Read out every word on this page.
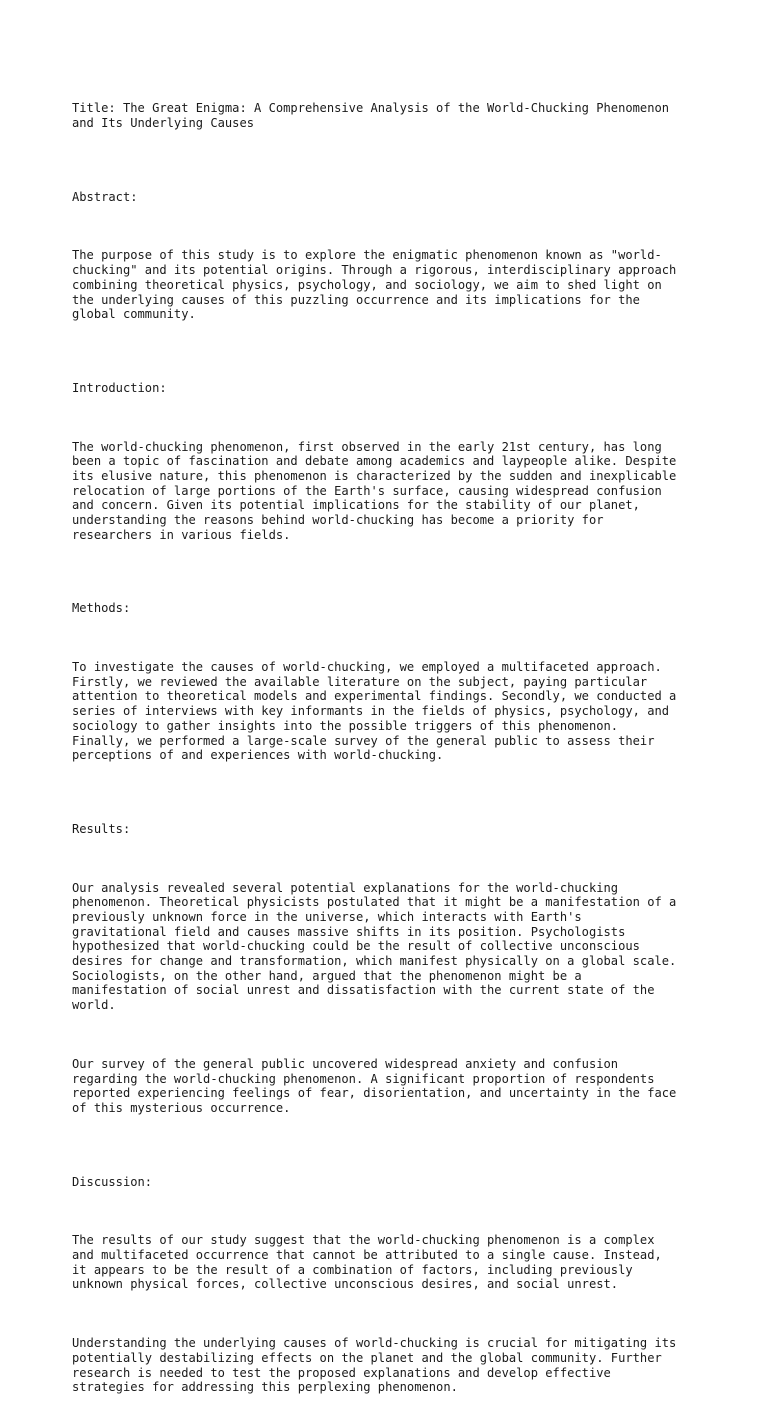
Title: The Great Enigma: A Comprehensive Analysis of the World-Chucking Phenomenon
and Its Underlying Causes

Abstract:

The purpose of this study is to explore the enigmatic phenomenon known as "world-
chucking" and its potential origins. Through a rigorous, interdisciplinary approach
combining theoretical physics, psychology, and sociology, we aim to shed light on
the underlying causes of this puzzling occurrence and its implications for the
global community.

Introduction:

The world-chucking phenomenon, first observed in the early 21st century, has long
been a topic of fascination and debate among academics and laypeople alike. Despite
its elusive nature, this phenomenon is characterized by the sudden and inexplicable
relocation of large portions of the Earth's surface, causing widespread confusion
and concern. Given its potential implications for the stability of our planet,
understanding the reasons behind world-chucking has become a priority for
researchers in various fields.

Methods:

To investigate the causes of world-chucking, we employed a multifaceted approach.
Firstly, we reviewed the available literature on the subject, paying particular
attention to theoretical models and experimental findings. Secondly, we conducted a
series of interviews with key informants in the fields of physics, psychology, and
sociology to gather insights into the possible triggers of this phenomenon.
Finally, we performed a large-scale survey of the general public to assess their
perceptions of and experiences with world-chucking.

Results:

Our analysis revealed several potential explanations for the world-chucking
phenomenon. Theoretical physicists postulated that it might be a manifestation of a
previously unknown force in the universe, which interacts with Earth's
gravitational field and causes massive shifts in its position. Psychologists
hypothesized that world-chucking could be the result of collective unconscious
desires for change and transformation, which manifest physically on a global scale.
Sociologists, on the other hand, argued that the phenomenon might be a
manifestation of social unrest and dissatisfaction with the current state of the
world.

Our survey of the general public uncovered widespread anxiety and confusion
regarding the world-chucking phenomenon. A significant proportion of respondents
reported experiencing feelings of fear, disorientation, and uncertainty in the face
of this mysterious occurrence.

Discussion:

The results of our study suggest that the world-chucking phenomenon is a complex
and multifaceted occurrence that cannot be attributed to a single cause. Instead,
it appears to be the result of a combination of factors, including previously
unknown physical forces, collective unconscious desires, and social unrest.

Understanding the underlying causes of world-chucking is crucial for mitigating its
potentially destabilizing effects on the planet and the global community. Further
research is needed to test the proposed explanations and develop effective
strategies for addressing this perplexing phenomenon.
